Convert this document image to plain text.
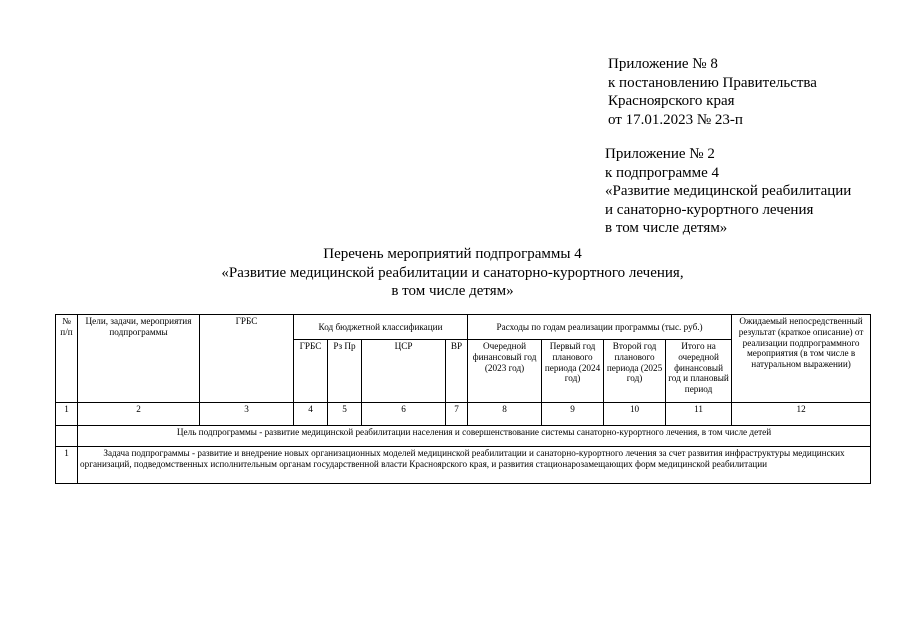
Приложение № 8
к постановлению Правительства
Красноярского края
от 17.01.2023 № 23-п
Приложение № 2
к подпрограмме 4
«Развитие медицинской реабилитации
и санаторно-курортного лечения
в том числе детям»
Перечень мероприятий подпрограммы 4
«Развитие медицинской реабилитации и санаторно-курортного лечения,
в том числе детям»
№ п/п	Цели, задачи, мероприятия подпрограммы	ГРБС	Код бюджетной классификации				Расходы по годам реализации программы (тыс. руб.)				Ожидаемый непосредственный результат (краткое описание) от реализации подпрограммного мероприятия (в том числе в натуральном выражении)
			ГРБС	Рз Пр	ЦСР	ВР	Очередной финансовый год (2023 год)	Первый год планового периода (2024 год)	Второй год планового периода (2025 год)	Итого на очередной финансовый год и плановый период	
1	2	3	4	5	6	7	8	9	10	11	12
	Цель подпрограммы - развитие медицинской реабилитации населения и совершенствование системы санаторно-курортного лечения, в том числе детей										
1	Задача подпрограммы - развитие и внедрение новых организационных моделей медицинской реабилитации и санаторно-курортного лечения за счет развития инфраструктуры медицинских организаций, подведомственных исполнительным органам государственной власти Красноярского края, и развития стационарозамещающих форм медицинской реабилитации										
